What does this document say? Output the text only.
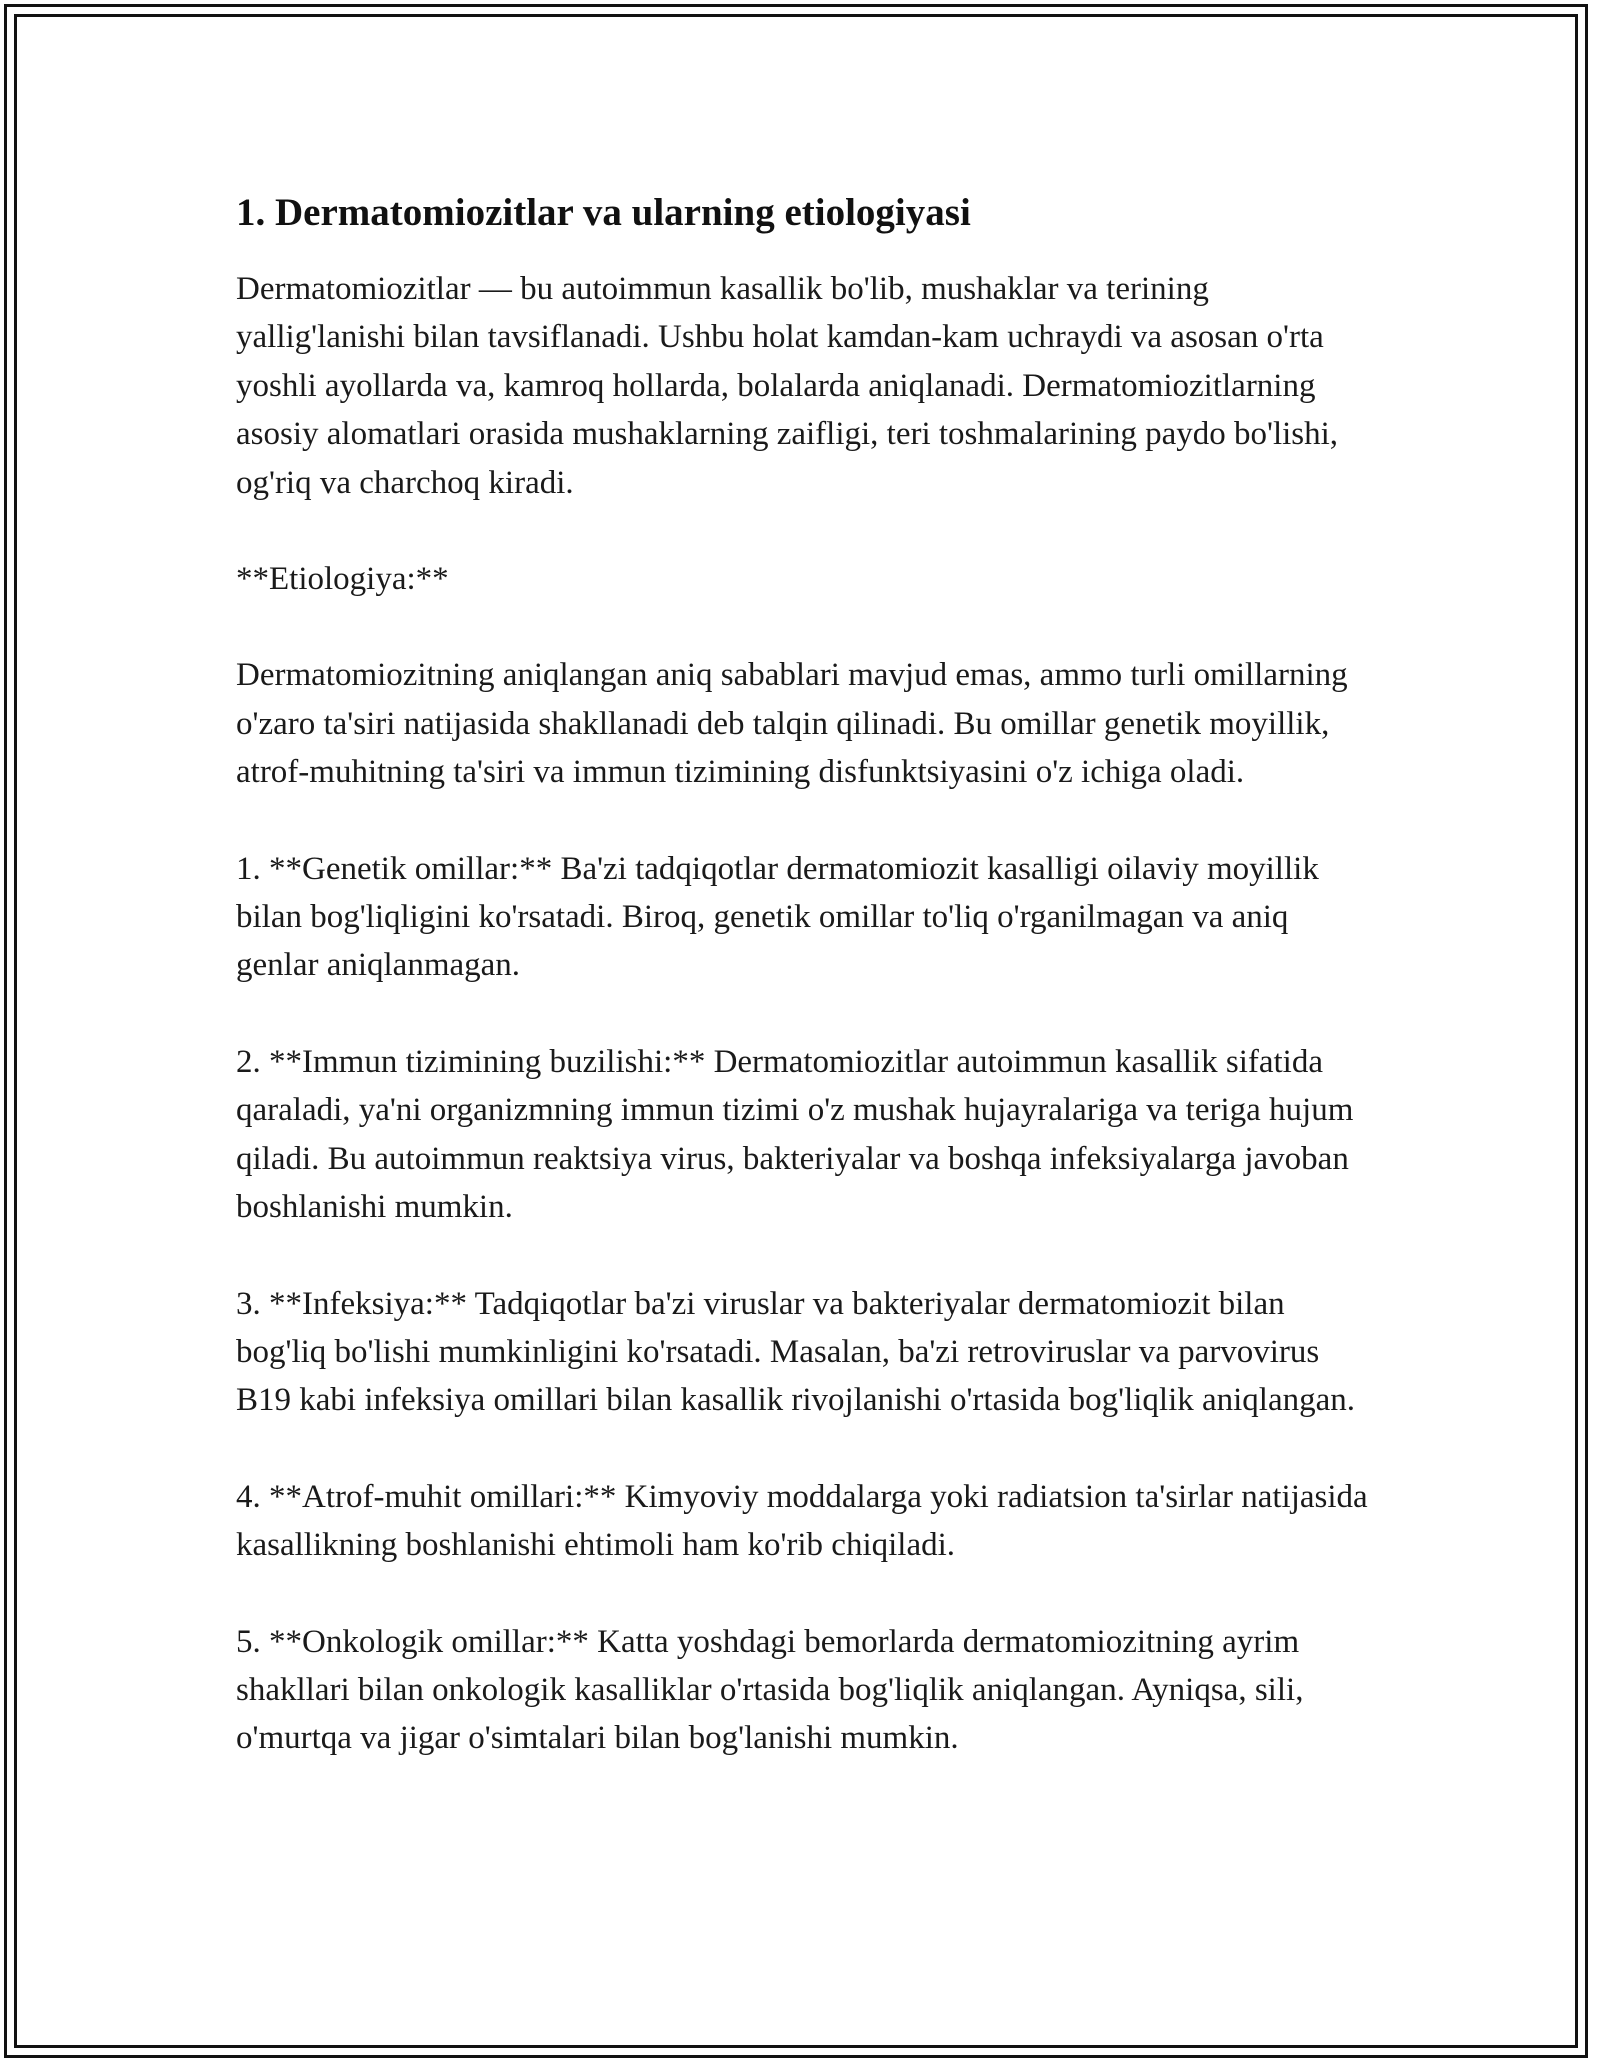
1. Dermatomiozitlar va ularning etiologiyasi

Dermatomiozitlar — bu autoimmun kasallik bo'lib, mushaklar va terining yallig'lanishi bilan tavsiflanadi. Ushbu holat kamdan-kam uchraydi va asosan o'rta yoshli ayollarda va, kamroq hollarda, bolalarda aniqlanadi. Dermatomiozitlarning asosiy alomatlari orasida mushaklarning zaifligi, teri toshmalarining paydo bo'lishi, og'riq va charchoq kiradi.

**Etiologiya:**

Dermatomiozitning aniqlangan aniq sabablari mavjud emas, ammo turli omillarning o'zaro ta'siri natijasida shakllanadi deb talqin qilinadi. Bu omillar genetik moyillik, atrof-muhitning ta'siri va immun tizimining disfunktsiyasini o'z ichiga oladi.

1. **Genetik omillar:** Ba'zi tadqiqotlar dermatomiozit kasalligi oilaviy moyillik bilan bog'liqligini ko'rsatadi. Biroq, genetik omillar to'liq o'rganilmagan va aniq genlar aniqlanmagan.

2. **Immun tizimining buzilishi:** Dermatomiozitlar autoimmun kasallik sifatida qaraladi, ya'ni organizmning immun tizimi o'z mushak hujayralariga va teriga hujum qiladi. Bu autoimmun reaktsiya virus, bakteriyalar va boshqa infeksiyalarga javoban boshlanishi mumkin.

3. **Infeksiya:** Tadqiqotlar ba'zi viruslar va bakteriyalar dermatomiozit bilan bog'liq bo'lishi mumkinligini ko'rsatadi. Masalan, ba'zi retroviruslar va parvovirus B19 kabi infeksiya omillari bilan kasallik rivojlanishi o'rtasida bog'liqlik aniqlangan.

4. **Atrof-muhit omillari:** Kimyoviy moddalarga yoki radiatsion ta'sirlar natijasida kasallikning boshlanishi ehtimoli ham ko'rib chiqiladi.

5. **Onkologik omillar:** Katta yoshdagi bemorlarda dermatomiozitning ayrim shakllari bilan onkologik kasalliklar o'rtasida bog'liqlik aniqlangan. Ayniqsa, sili, o'murtqa va jigar o'simtalari bilan bog'lanishi mumkin.
